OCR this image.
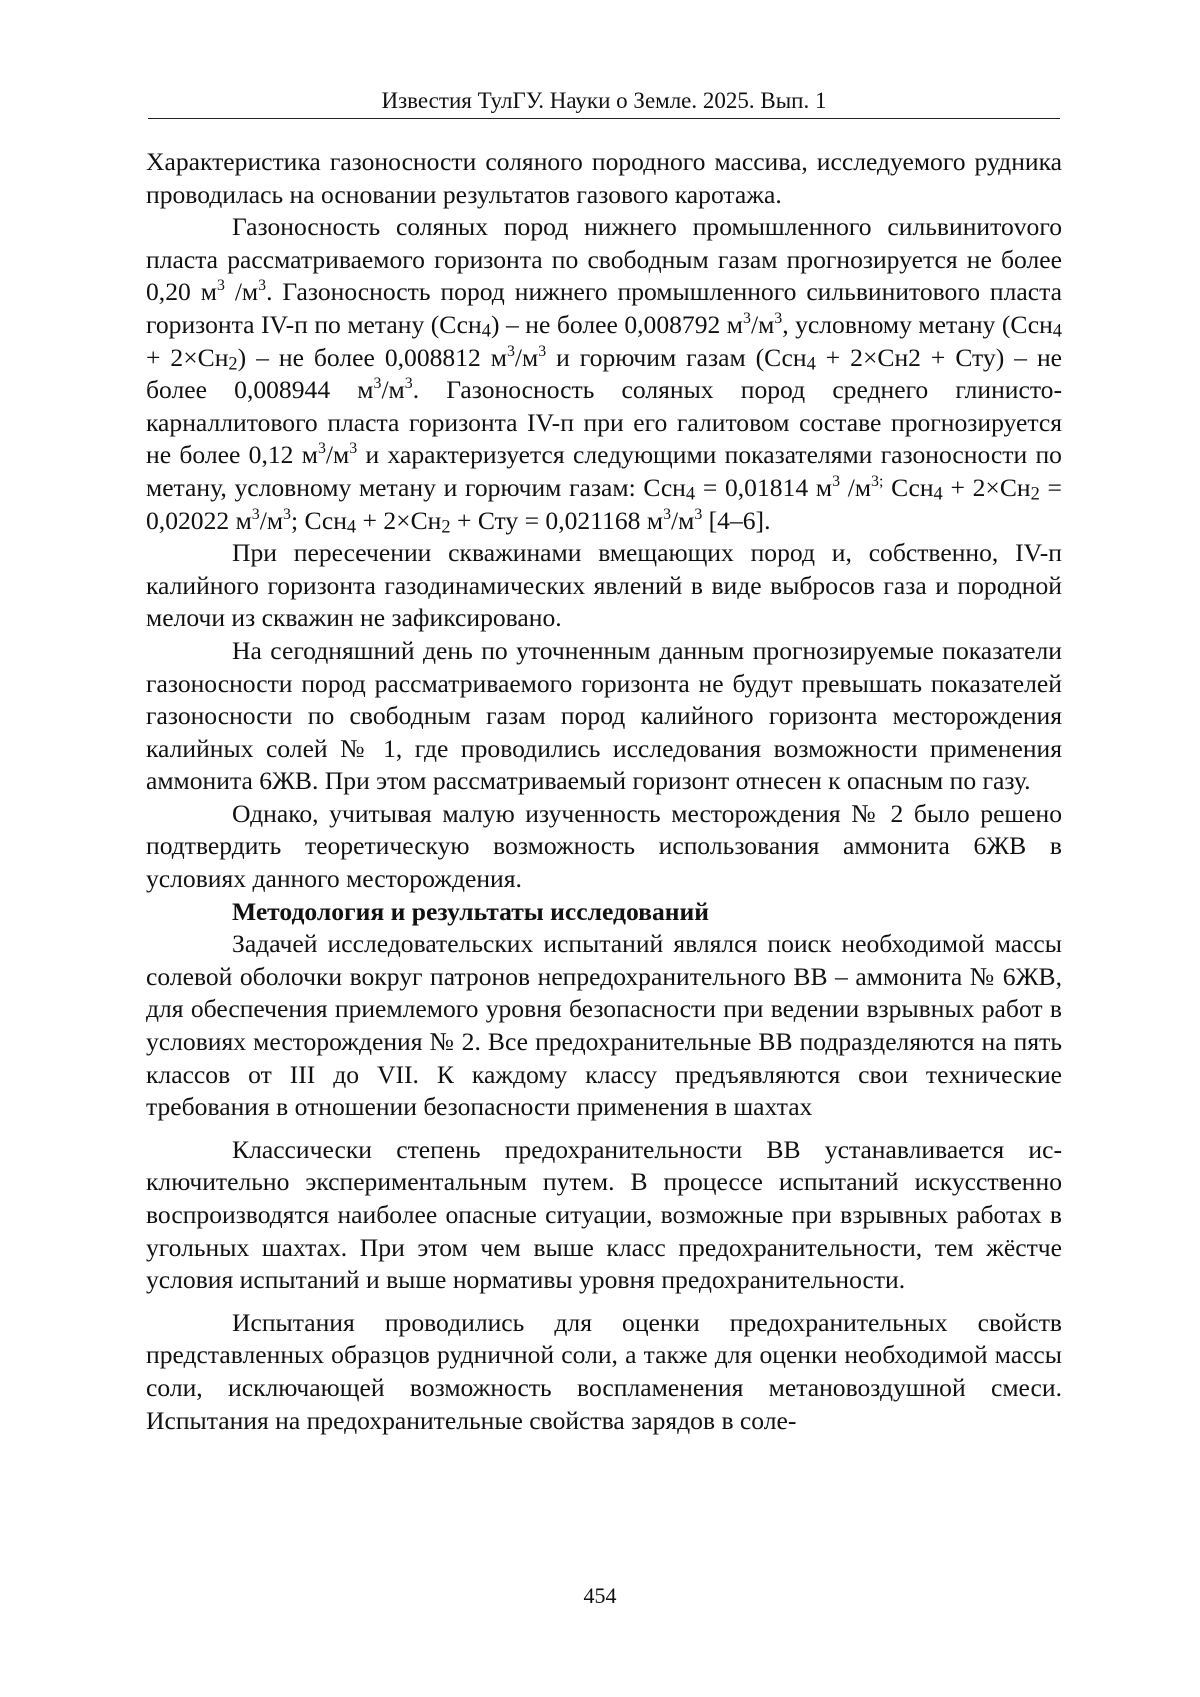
Известия ТулГУ. Науки о Земле. 2025. Вып. 1

Характеристика газоносности соляного породного массива, исследуемого рудника проводилась на основании результатов газового каротажа.

Газоносность соляных пород нижнего промышленного сильвинитоvого пласта рассматриваемого горизонта по свободным газам прогнозируется не более 0,20 $м^3$ $/м^3$. Газоносность пород нижнего промышленного сильвинитового пласта горизонта IV-п по метану (Ссн$_4$) – не более 0,008792 $м^3/м^3$, условному метану $(Ссн_4 + 2\times Сн_2)$ – не более 0,008812 $м^3/м^3$ и горючим газам (Ссн$_4$ + 2×Сн2 + Сту) – не более 0,008944 $м^3/м^3$. Газоносность соляных пород среднего глинисто-карналлитового пласта горизонта IV-п при его галитовом составе прогнозируется не более 0,12 $м^3/м^3$ и характеризуется следующими показателями газоносности по метану, условному метану и горючим газам: Ссн$_4$ = 0,01814 $м^3$ $/м^{3;}$ $Ссн_4 + 2\times Сн_2 = 0,02022$ $м^3/м^3$; $Ссн_4 + 2\times Сн_2$ + Сту = 0,021168 $м^3/м^3$ [4–6].

При пересечении скважинами вмещающих пород и, собственно, IV-п калийного горизонта газодинамических явлений в виде выбросов газа и породной мелочи из скважин не зафиксировано.

На сегодняшний день по уточненным данным прогнозируемые показатели газоносности пород рассматриваемого горизонта не будут превышать показателей газоносности по свободным газам пород калийного горизонта месторождения калийных солей № 1, где проводились исследования возможности применения аммонита 6ЖВ. При этом рассматриваемый горизонт отнесен к опасным по газу.

Однако, учитывая малую изученность месторождения № 2 было решено подтвердить теоретическую возможность использования аммонита 6ЖВ в условиях данного месторождения.

Методология и результаты исследований

Задачей исследовательских испытаний являлся поиск необходимой массы солевой оболочки вокруг патронов непредохранительного ВВ – аммонита № 6ЖВ, для обеспечения приемлемого уровня безопасности при ведении взрывных работ в условиях месторождения № 2. Все предохранительные ВВ подразделяются на пять классов от III до VII. К каждому классу предъявляются свои технические требования в отношении безопасности применения в шахтах

Классически степень предохранительности ВВ устанавливается исключительно экспериментальным путем. В процессе испытаний искусственно воспроизводятся наиболее опасные ситуации, возможные при взрывных работах в угольных шахтах. При этом чем выше класс предохранительности, тем жёстче условия испытаний и выше нормативы уровня предохранительности.

Испытания проводились для оценки предохранительных свойств представленных образцов рудничной соли, а также для оценки необходимой массы соли, исключающей возможность воспламенения метановоздушной смеси. Испытания на предохранительные свойства зарядов в соле-

454
